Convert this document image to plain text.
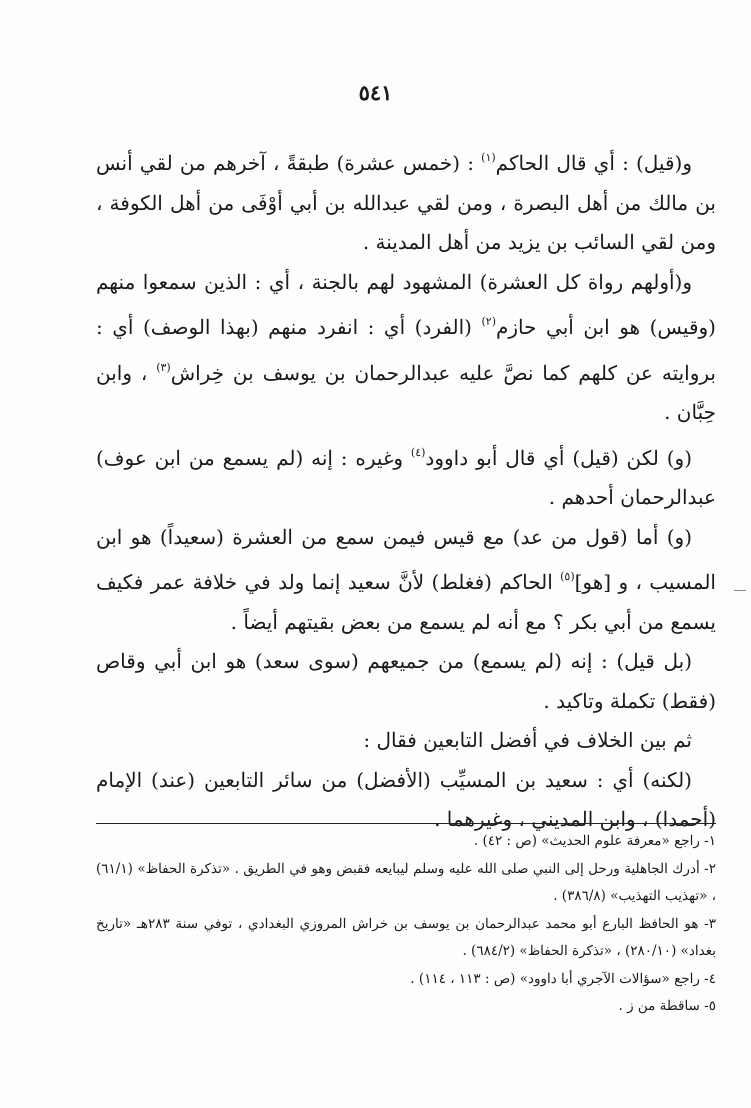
٥٤١

و(قيل) : أي قال الحاكم$^{(١)}$ : (خمس عشرة) طبقةً ، آخرهم من لقي أنس بن مالك من أهل البصرة ، ومن لقي عبدالله بن أبي أوْفَى من أهل الكوفة ، ومن لقي السائب بن يزيد من أهل المدينة .

و(أولهم رواة كل العشرة) المشهود لهم بالجنة ، أي : الذين سمعوا منهم (وقيس) هو ابن أبي حازم$^{(٢)}$ (الفرد) أي : انفرد منهم (بهذا الوصف) أي : بروايته عن كلهم كما نصَّ عليه عبدالرحمان بن يوسف بن خِراش$^{(٣)}$ ، وابن حِبَّان .

(و) لكن (قيل) أي قال أبو داوود$^{(٤)}$ وغيره : إنه (لم يسمع من ابن عوف) عبدالرحمان أحدهم .

(و) أما (قول من عد) مع قيس فيمن سمع من العشرة (سعيداً) هو ابن المسيب ، و [هو]$^{(٥)}$ الحاكم (فغلط) لأنَّ سعيد إنما ولد في خلافة عمر فكيف يسمع من أبي بكر ؟ مع أنه لم يسمع من بعض بقيتهم أيضاً .

(بل قيل) : إنه (لم يسمع) من جميعهم (سوى سعد) هو ابن أبي وقاص (فقط) تكملة وتاكيد .

ثم بين الخلاف في أفضل التابعين فقال :

(لكنه) أي : سعيد بن المسيِّب (الأفضل) من سائر التابعين (عند) الإمام (أحمدا) ، وابن المديني ، وغيرهما .

١- راجع «معرفة علوم الحديث» (ص : ٤٢) .

٢- أدرك الجاهلية ورحل إلى النبي صلى الله عليه وسلم ليبايعه فقبض وهو في الطريق . «تذكرة الحفاظ» (٦١/١) ، «تهذيب التهذيب» (٣٨٦/٨) .

٣- هو الحافظ البارع أبو محمد عبدالرحمان بن يوسف بن خراش المروزي البغدادي ، توفي سنة ٢٨٣هـ «تاريخ بغداد» (٢٨٠/١٠) ، «تذكرة الحفاظ» (٦٨٤/٢) .

٤- راجع «سؤالات الآجري أبا داوود» (ص : ١١٣ ، ١١٤) .

٥- ساقطة من ز .
